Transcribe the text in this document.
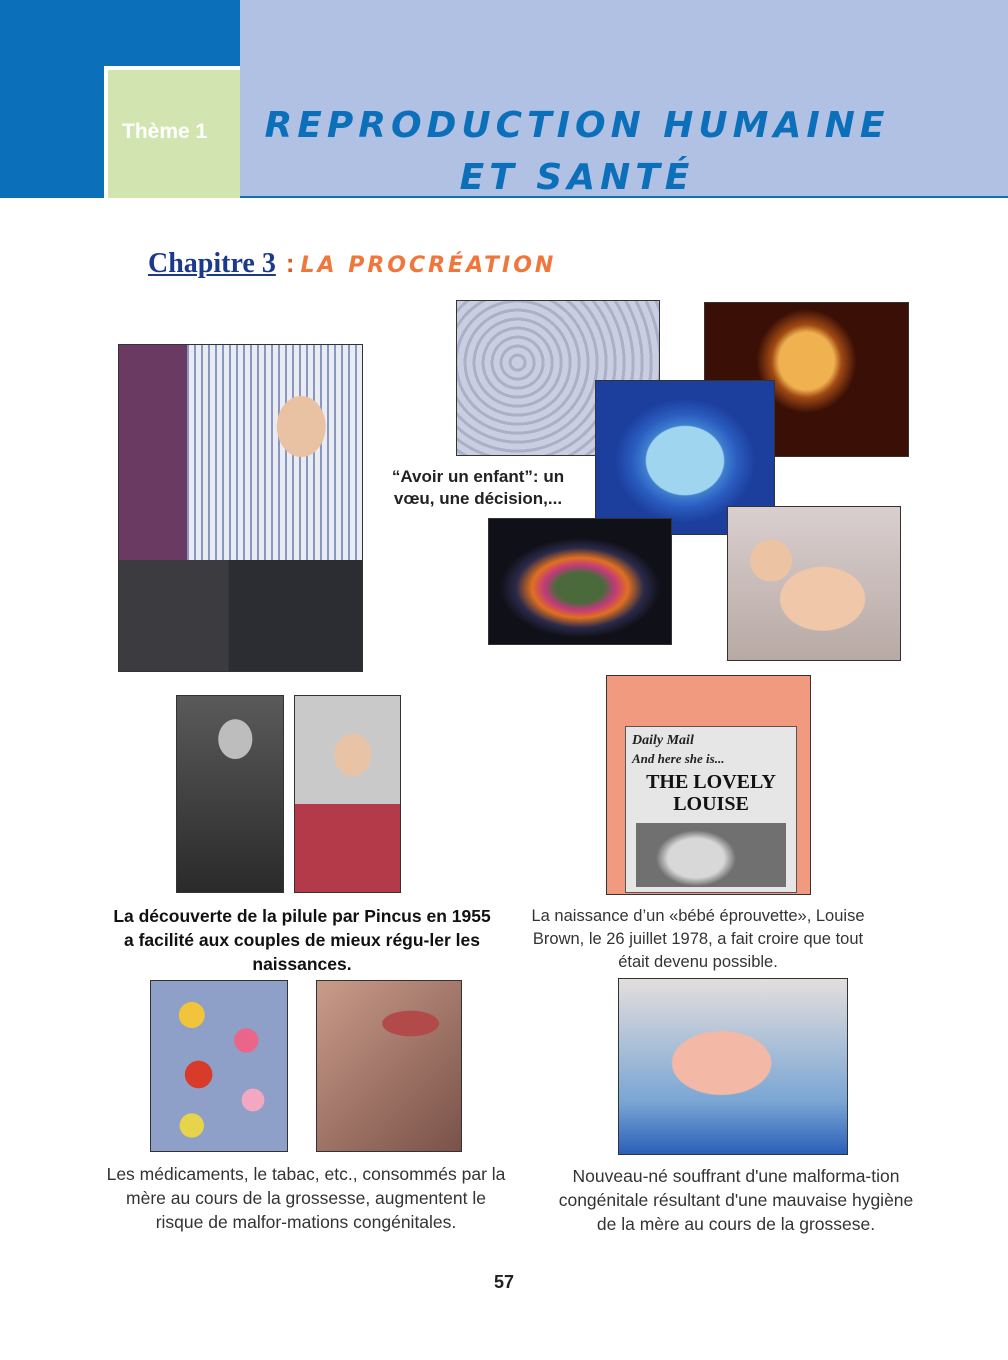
Thème 1 REPRODUCTION HUMAINE ET SANTÉ
Chapitre 3 : LA PROCRÉATION
“Avoir un enfant”: un vœu, une décision,...
Daily Mail
And here she is...
THE LOVELY LOUISE
La découverte de la pilule par Pincus en 1955 a facilité aux couples de mieux régu-ler les naissances.
La naissance d’un «bébé éprouvette», Louise Brown, le 26 juillet 1978, a fait croire que tout était devenu possible.
Les médicaments, le tabac, etc., consommés par la mère au cours de la grossesse, augmentent le risque de malfor-mations congénitales.
Nouveau-né souffrant d'une malforma-tion congénitale résultant d'une mauvaise hygiène de la mère au cours de la grossese.
57
